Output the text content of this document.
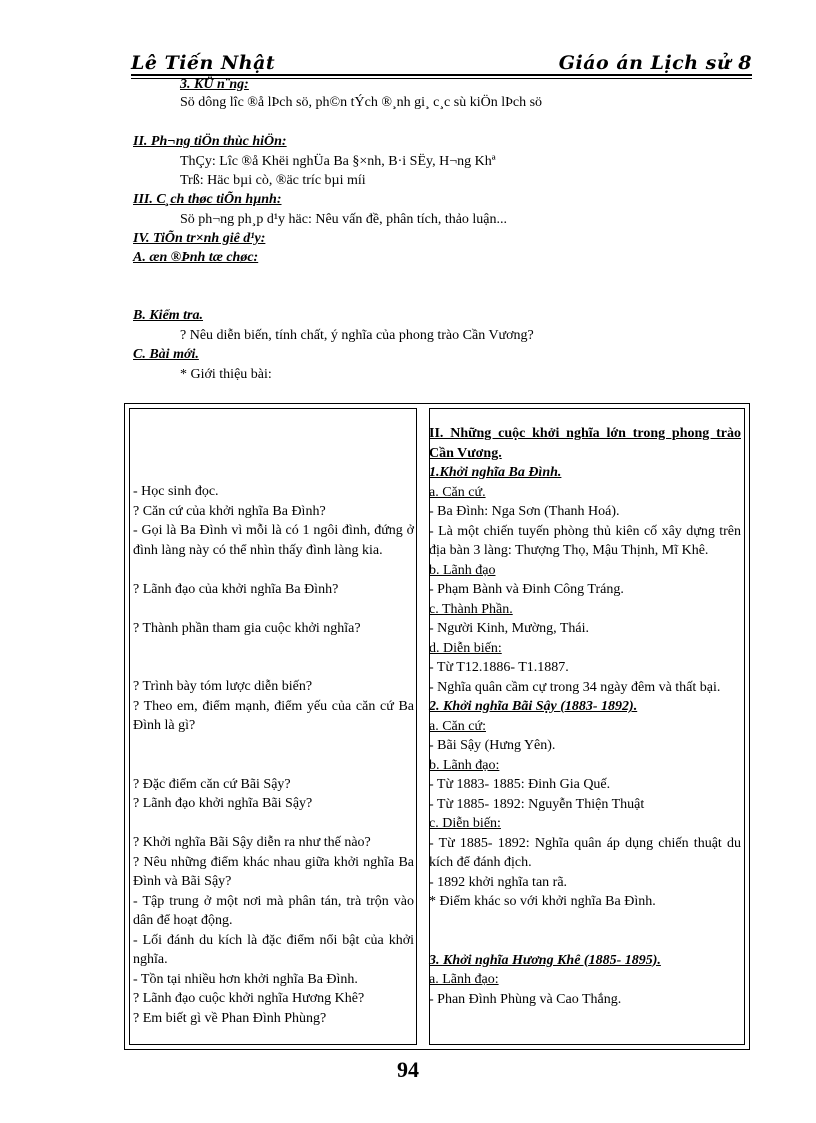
Lê Tiến Nhật	Giáo án Lịch sử 8
3. KÜ n¨ng:
Sö dông lîc ®å lÞch sö, ph©n tÝch ®¸nh gi¸ c¸c sù kiÖn lÞch sö
II. Ph¬ng tiÖn thùc hiÖn:
ThÇy: Lîc ®å Khëi nghÜa Ba §×nh, B·i SËy, H¬ng Khª
Trß: Häc bµi cò, ®äc tríc bµi míi
III. C¸ch thøc tiÕn hµnh:
Sö ph¬ng ph¸p d¹y häc: Nêu vấn đề, phân tích, thảo luận...
IV. TiÕn tr×nh giê d¹y:
A. æn ®Þnh tæ chøc:
B. Kiểm tra.
? Nêu diễn biến, tính chất, ý nghĩa của phong trào Cần Vương?
C. Bài mới.
* Giới thiệu bài:

- Học sinh đọc.

? Căn cứ của khởi nghĩa Ba Đình?

- Gọi là Ba Đình vì mỗi là có 1 ngôi đình, đứng ở đình làng này có thể nhìn thấy đình làng kia.

? Lãnh đạo của khởi nghĩa Ba Đình?

? Thành phần tham gia cuộc khởi nghĩa?

? Trình bày tóm lược diễn biến?

? Theo em, điểm mạnh, điểm yếu của căn cứ Ba Đình là gì?

? Đặc điểm căn cứ Bãi Sậy?

? Lãnh đạo khởi nghĩa Bãi Sậy?

? Khởi nghĩa Bãi Sậy diễn ra như thế nào?

? Nêu những điểm khác nhau giữa khởi nghĩa Ba Đình và Bãi Sậy?

- Tập trung ở một nơi mà phân tán, trà trộn vào dân để hoạt động.

- Lối đánh du kích là đặc điểm nổi bật của khởi nghĩa.

- Tồn tại nhiều hơn khởi nghĩa Ba Đình.

? Lãnh đạo cuộc khởi nghĩa Hương Khê?

? Em biết gì về Phan Đình Phùng?

II. Những cuộc khởi nghĩa lớn trong phong trào Cần Vương.

1.Khởi nghĩa Ba Đình.

a. Căn cứ.

- Ba Đình: Nga Sơn (Thanh Hoá).

- Là một chiến tuyến phòng thủ kiên cố xây dựng trên địa bàn 3 làng: Thượng Thọ, Mậu Thịnh, Mĩ Khê.

b. Lãnh đạo

- Phạm Bành và Đinh Công Tráng.

c. Thành Phần.

- Người Kinh, Mường, Thái.

d. Diễn biến:

- Từ T12.1886- T1.1887.

- Nghĩa quân cầm cự trong 34 ngày đêm và thất bại.

2. Khởi nghĩa Bãi Sậy (1883- 1892).

a. Căn cứ:

- Bãi Sậy (Hưng Yên).

b. Lãnh đạo:

- Từ 1883- 1885: Đinh Gia Quế.

- Từ 1885- 1892: Nguyễn Thiện Thuật

c. Diễn biến:

- Từ 1885- 1892: Nghĩa quân áp dụng chiến thuật du kích để đánh địch.

- 1892 khởi nghĩa tan rã.

* Điểm khác so với khởi nghĩa Ba Đình.

3. Khởi nghĩa Hương Khê (1885- 1895).

a. Lãnh đạo:

- Phan Đình Phùng và Cao Thắng.

94
